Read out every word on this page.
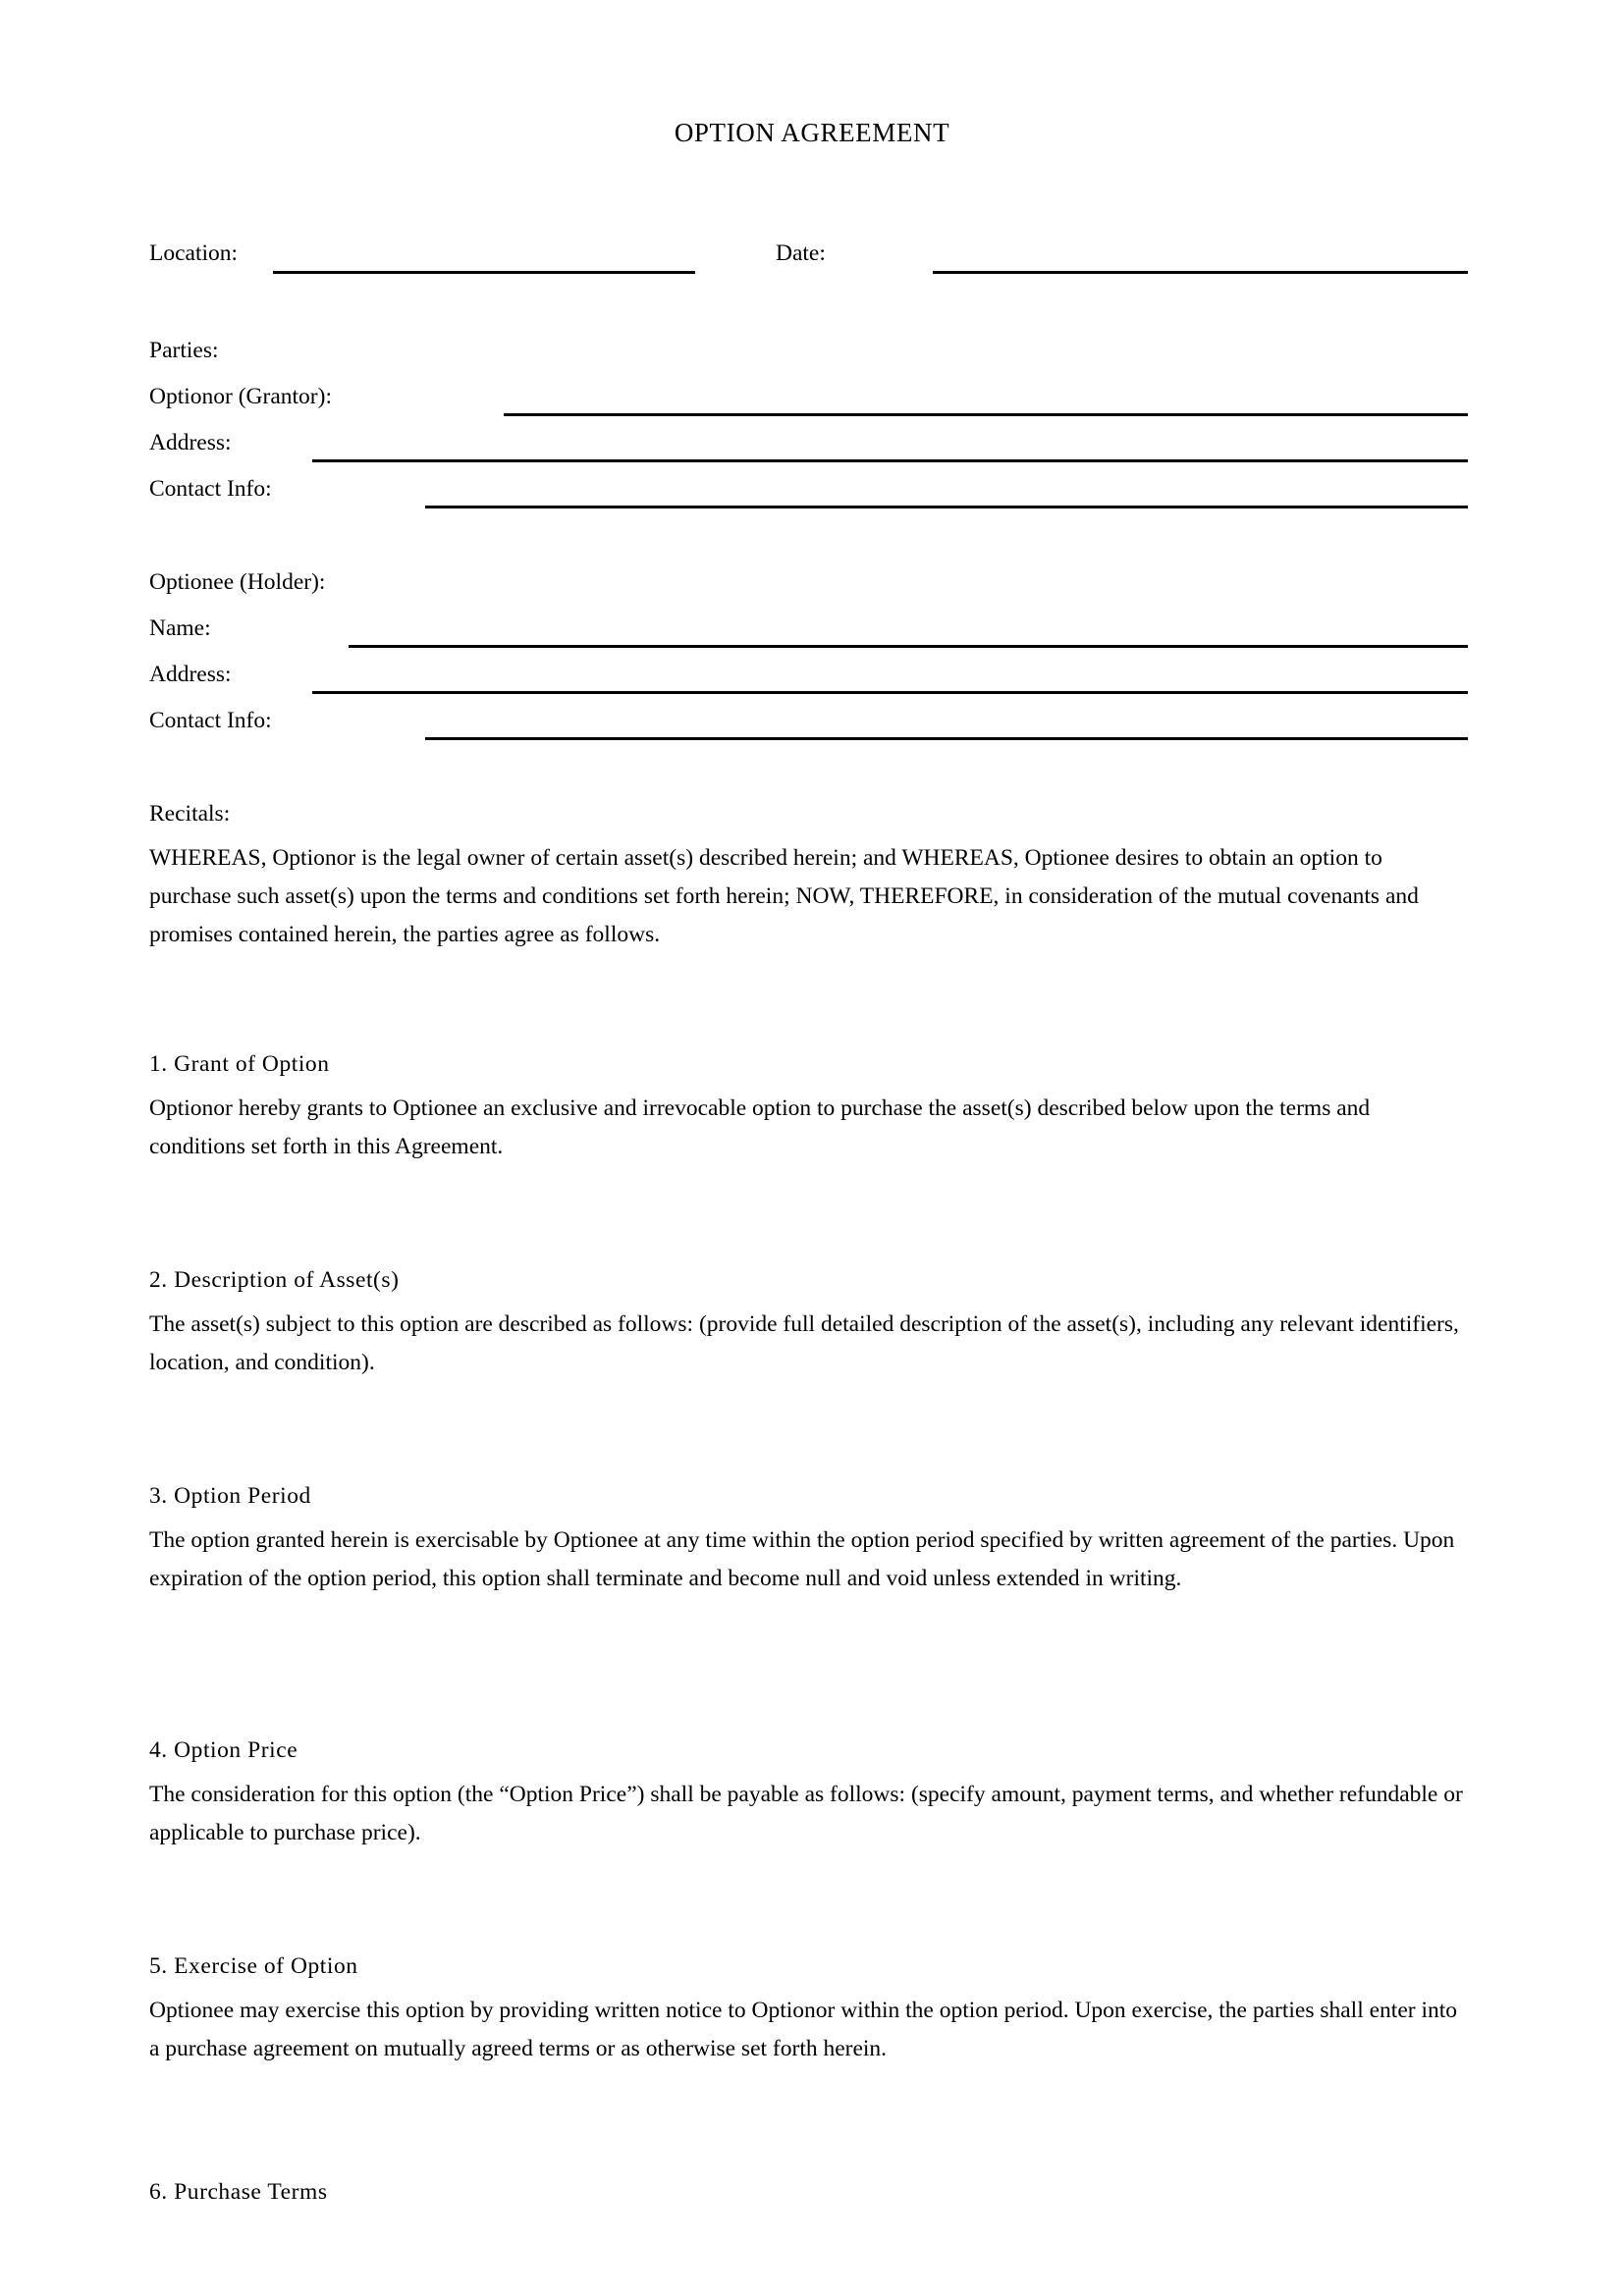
OPTION AGREEMENT
Location:	Date:
Parties:
Optionor (Grantor):
Address:
Contact Info:
Optionee (Holder):
Name:
Address:
Contact Info:
Recitals:
WHEREAS, Optionor is the legal owner of certain asset(s) described herein; and WHEREAS, Optionee desires to obtain an option to purchase such asset(s) upon the terms and conditions set forth herein; NOW, THEREFORE, in consideration of the mutual covenants and promises contained herein, the parties agree as follows.
1. Grant of Option
Optionor hereby grants to Optionee an exclusive and irrevocable option to purchase the asset(s) described below upon the terms and conditions set forth in this Agreement.
2. Description of Asset(s)
The asset(s) subject to this option are described as follows: (provide full detailed description of the asset(s), including any relevant identifiers, location, and condition).
3. Option Period
The option granted herein is exercisable by Optionee at any time within the option period specified by written agreement of the parties. Upon expiration of the option period, this option shall terminate and become null and void unless extended in writing.
4. Option Price
The consideration for this option (the “Option Price”) shall be payable as follows: (specify amount, payment terms, and whether refundable or applicable to purchase price).
5. Exercise of Option
Optionee may exercise this option by providing written notice to Optionor within the option period. Upon exercise, the parties shall enter into a purchase agreement on mutually agreed terms or as otherwise set forth herein.
6. Purchase Terms
